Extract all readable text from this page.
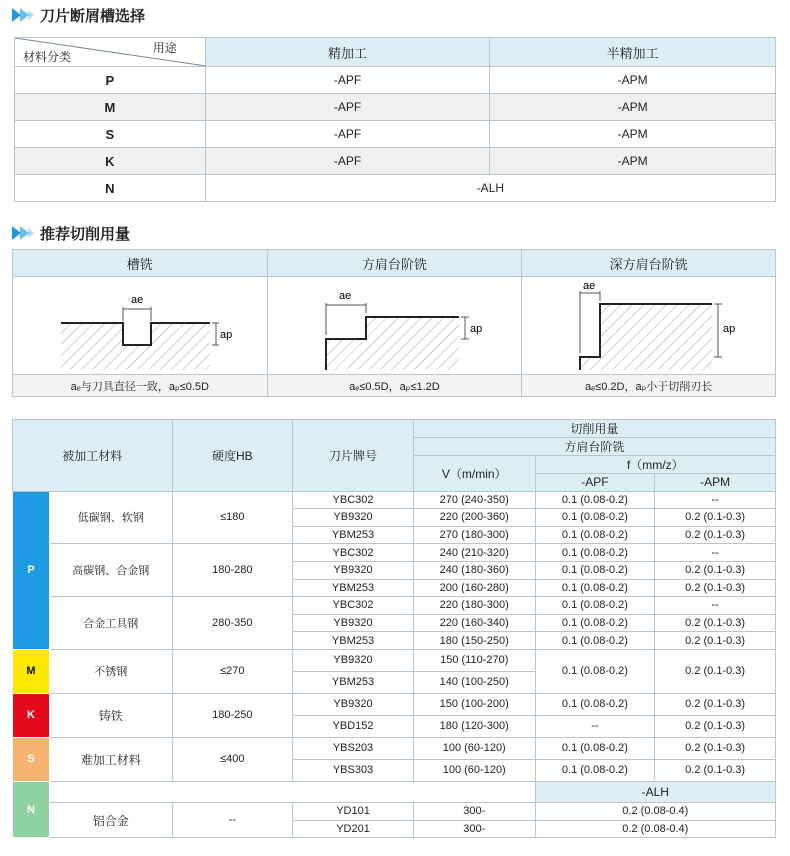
刀片断屑槽选择
用途
材料分类	精加工	半精加工
P	-APF	-APM
M	-APF	-APM
S	-APF	-APM
K	-APF	-APM
N	-ALH	
推荐切削用量
槽铣	方肩台阶铣	深方肩台阶铣

ae
ap	ae
ap	ae
ap

aₑ与刀具直径一致，aₚ≤0.5D	aₑ≤0.5D，aₚ≤1.2D	aₑ≤0.2D，aₚ小于切削刃长
被加工材料		硬度HB	刀片牌号	切削用量		
				方肩台阶铣		
				V（m/min）	f（mm/z）	
					-APF	-APM

P	低碳钢、软钢	≤180	YBC302	270 (240-350)	0.1 (0.08-0.2)	--
			YB9320	220 (200-360)	0.1 (0.08-0.2)	0.2 (0.1-0.3)
			YBM253	270 (180-300)	0.1 (0.08-0.2)	0.2 (0.1-0.3)
	高碳钢、合金钢	180-280	YBC302	240 (210-320)	0.1 (0.08-0.2)	--
			YB9320	240 (180-360)	0.1 (0.08-0.2)	0.2 (0.1-0.3)
			YBM253	200 (160-280)	0.1 (0.08-0.2)	0.2 (0.1-0.3)
	合金工具钢	280-350	YBC302	220 (180-300)	0.1 (0.08-0.2)	--
			YB9320	220 (160-340)	0.1 (0.08-0.2)	0.2 (0.1-0.3)
			YBM253	180 (150-250)	0.1 (0.08-0.2)	0.2 (0.1-0.3)
M	不锈钢	≤270	YB9320	150 (110-270)	0.1 (0.08-0.2)	0.2 (0.1-0.3)
			YBM253	140 (100-250)		
K	铸铁	180-250	YB9320	150 (100-200)	0.1 (0.08-0.2)	0.2 (0.1-0.3)
			YBD152	180 (120-300)	--	0.2 (0.1-0.3)
S	难加工材料	≤400	YBS203	100 (60-120)	0.1 (0.08-0.2)	0.2 (0.1-0.3)
			YBS303	100 (60-120)	0.1 (0.08-0.2)	0.2 (0.1-0.3)
N					-ALH	
	铝合金	--	YD101	300-	0.2 (0.08-0.4)	
			YD201	300-	0.2 (0.08-0.4)	
